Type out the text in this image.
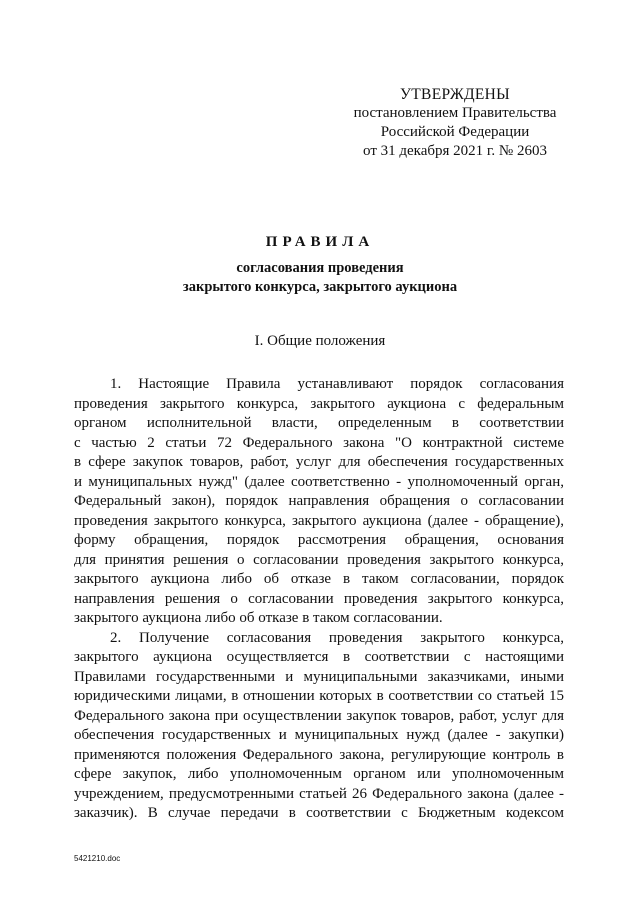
УТВЕРЖДЕНЫ
постановлением Правительства
Российской Федерации
от 31 декабря 2021 г. № 2603
ПРАВИЛА
согласования проведения
закрытого конкурса, закрытого аукциона
I. Общие положения
1. Настоящие Правила устанавливают порядок согласования
проведения закрытого конкурса, закрытого аукциона с федеральным
органом исполнительной власти, определенным в соответствии
с частью 2 статьи 72 Федерального закона "О контрактной системе
в сфере закупок товаров, работ, услуг для обеспечения государственных
и муниципальных нужд" (далее соответственно - уполномоченный орган,
Федеральный закон), порядок направления обращения о согласовании
проведения закрытого конкурса, закрытого аукциона (далее - обращение),
форму обращения, порядок рассмотрения обращения, основания
для принятия решения о согласовании проведения закрытого конкурса,
закрытого аукциона либо об отказе в таком согласовании, порядок
направления решения о согласовании проведения закрытого конкурса,
закрытого аукциона либо об отказе в таком согласовании.
2. Получение согласования проведения закрытого конкурса,
закрытого аукциона осуществляется в соответствии с настоящими
Правилами государственными и муниципальными заказчиками, иными
юридическими лицами, в отношении которых в соответствии со статьей 15
Федерального закона при осуществлении закупок товаров, работ, услуг для
обеспечения государственных и муниципальных нужд (далее - закупки)
применяются положения Федерального закона, регулирующие контроль в
сфере закупок, либо уполномоченным органом или уполномоченным
учреждением, предусмотренными статьей 26 Федерального закона (далее -
заказчик). В случае передачи в соответствии с Бюджетным кодексом
5421210.doc
